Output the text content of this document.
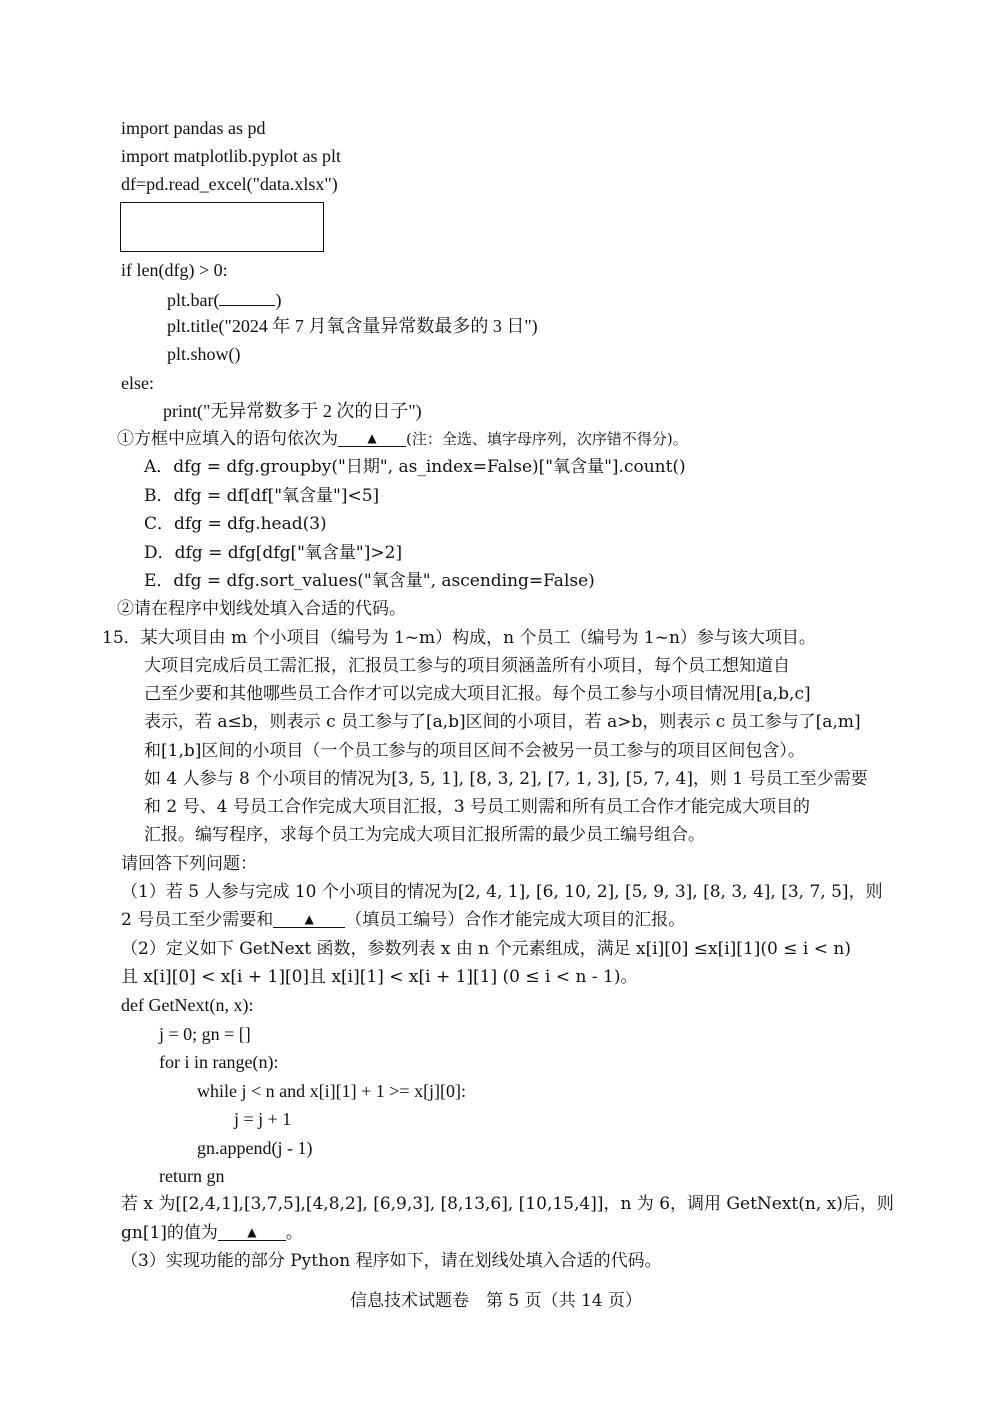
import pandas as pd
import matplotlib.pyplot as plt
df=pd.read_excel("data.xlsx")
if len(dfg) > 0:
plt.bar(	)
plt.title("2024 年 7 月氧含量异常数最多的 3 日")
plt.show()
else:
print("无异常数多于 2 次的日子")
①方框中应填入的语句依次为 ▲ (注：全选、填字母序列，次序错不得分)。
A．dfg = dfg.groupby("日期", as_index=False)["氧含量"].count()
B．dfg = df[df["氧含量"]<5]
C．dfg = dfg.head(3)
D．dfg = dfg[dfg["氧含量"]>2]
E．dfg = dfg.sort_values("氧含量", ascending=False)
②请在程序中划线处填入合适的代码。
15．某大项目由 m 个小项目（编号为 1~m）构成，n 个员工（编号为 1~n）参与该大项目。
大项目完成后员工需汇报，汇报员工参与的项目须涵盖所有小项目，每个员工想知道自
己至少要和其他哪些员工合作才可以完成大项目汇报。每个员工参与小项目情况用[a,b,c]
表示，若 a≤b，则表示 c 员工参与了[a,b]区间的小项目，若 a>b，则表示 c 员工参与了[a,m]
和[1,b]区间的小项目（一个员工参与的项目区间不会被另一员工参与的项目区间包含）。
如 4 人参与 8 个小项目的情况为[3, 5, 1], [8, 3, 2], [7, 1, 3], [5, 7, 4]，则 1 号员工至少需要
和 2 号、4 号员工合作完成大项目汇报，3 号员工则需和所有员工合作才能完成大项目的
汇报。编写程序，求每个员工为完成大项目汇报所需的最少员工编号组合。
请回答下列问题：
（1）若 5 人参与完成 10 个小项目的情况为[2, 4, 1], [6, 10, 2], [5, 9, 3], [8, 3, 4], [3, 7, 5]，则
2 号员工至少需要和	▲ （填员工编号）合作才能完成大项目的汇报。
（2）定义如下 GetNext 函数，参数列表 x 由 n 个元素组成，满足 x[i][0] ≤x[i][1](0 ≤ i < n)
且 x[i][0] < x[i + 1][0]且 x[i][1] < x[i + 1][1] (0 ≤ i < n - 1)。
def GetNext(n, x):
j = 0; gn = []
for i in range(n):
while j < n and x[i][1] + 1 >= x[j][0]:
j = j + 1
gn.append(j - 1)
return gn
若 x 为[[2,4,1],[3,7,5],[4,8,2], [6,9,3], [8,13,6], [10,15,4]]，n 为 6，调用 GetNext(n, x)后，则
gn[1]的值为 ▲ 。
（3）实现功能的部分 Python 程序如下，请在划线处填入合适的代码。
信息技术试题卷　第 5 页（共 14 页）
